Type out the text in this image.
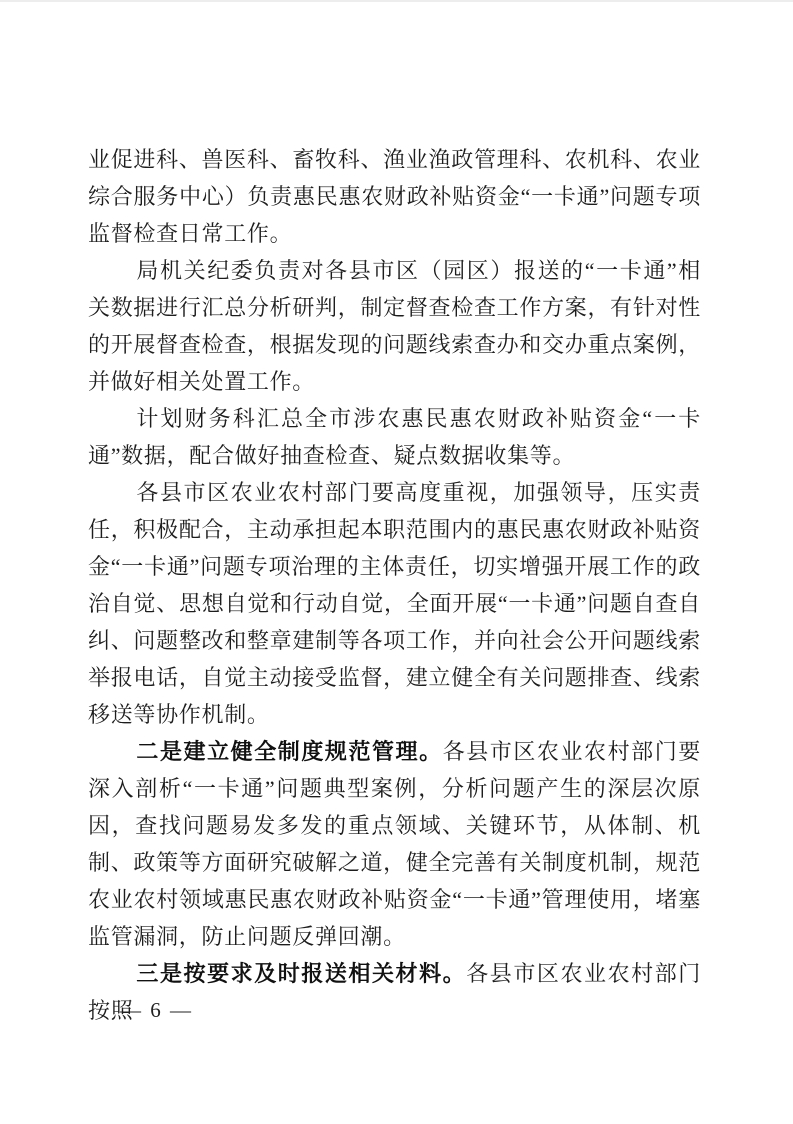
业促进科、兽医科、畜牧科、渔业渔政管理科、农机科、农业综合服务中心）负责惠民惠农财政补贴资金“一卡通”问题专项监督检查日常工作。

局机关纪委负责对各县市区（园区）报送的“一卡通”相关数据进行汇总分析研判，制定督查检查工作方案，有针对性的开展督查检查，根据发现的问题线索查办和交办重点案例，并做好相关处置工作。

计划财务科汇总全市涉农惠民惠农财政补贴资金“一卡通”数据，配合做好抽查检查、疑点数据收集等。

各县市区农业农村部门要高度重视，加强领导，压实责任，积极配合，主动承担起本职范围内的惠民惠农财政补贴资金“一卡通”问题专项治理的主体责任，切实增强开展工作的政治自觉、思想自觉和行动自觉，全面开展“一卡通”问题自查自纠、问题整改和整章建制等各项工作，并向社会公开问题线索举报电话，自觉主动接受监督，建立健全有关问题排查、线索移送等协作机制。

二是建立健全制度规范管理。各县市区农业农村部门要深入剖析“一卡通”问题典型案例，分析问题产生的深层次原因，查找问题易发多发的重点领域、关键环节，从体制、机制、政策等方面研究破解之道，健全完善有关制度机制，规范农业农村领域惠民惠农财政补贴资金“一卡通”管理使用，堵塞监管漏洞，防止问题反弹回潮。

三是按要求及时报送相关材料。各县市区农业农村部门按照

— 6 —
